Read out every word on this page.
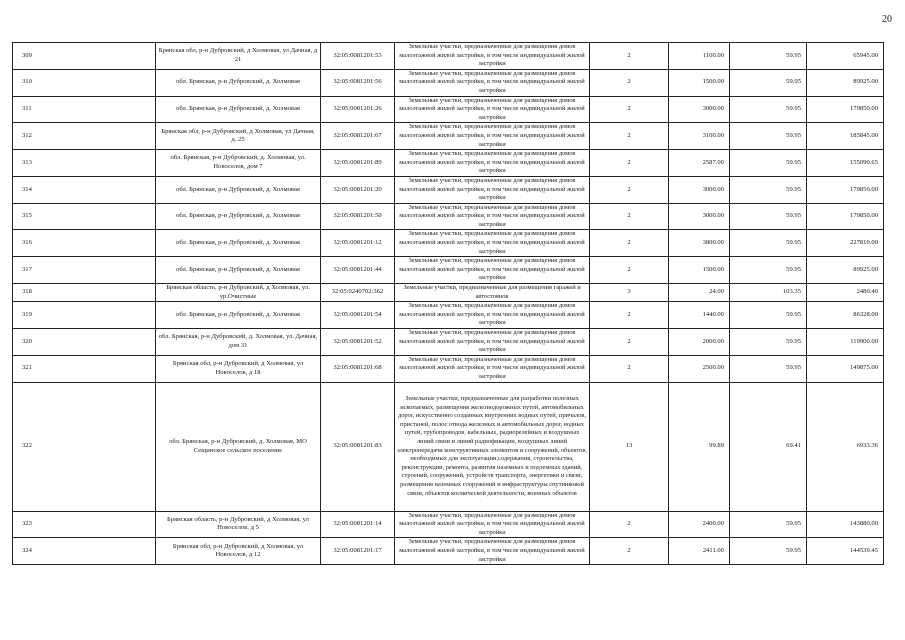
20
309	Брянская обл, р-н Дубровский, д Холмовая, ул Дачная, д 21	32:05:0081201:53	Земельные участки, предназначенные для размещения домов малоэтажной жилой застройки, в том числе индивидуальной жилой застройки	2	1100.00	59.95	65945.00
310	обл. Брянская, р-н Дубровский, д. Холмовая	32:05:0081201:56	Земельные участки, предназначенные для размещения домов малоэтажной жилой застройки, в том числе индивидуальной жилой застройки	2	1500.00	59.95	89925.00
311	обл. Брянская, р-н Дубровский, д. Холмовая	32:05:0081201:26	Земельные участки, предназначенные для размещения домов малоэтажной жилой застройки, в том числе индивидуальной жилой застройки	2	3000.00	59.95	179850.00
312	Брянская обл, р-н Дубровский, д Холмовая, ул Дачная, д. 25	32:05:0081201:67	Земельные участки, предназначенные для размещения домов малоэтажной жилой застройки, в том числе индивидуальной жилой застройки	2	3100.00	59.95	185845.00
313	обл. Брянская, р-н Дубровский, д. Холмовая, ул. Новоселов, дом 7	32:05:0081201:89	Земельные участки, предназначенные для размещения домов малоэтажной жилой застройки, в том числе индивидуальной жилой застройки	2	2587.00	59.95	155090.65
314	обл. Брянская, р-н Дубровский, д. Холмовая	32:05:0081201:20	Земельные участки, предназначенные для размещения домов малоэтажной жилой застройки, в том числе индивидуальной жилой застройки	2	3000.00	59.95	179850.00
315	обл. Брянская, р-н Дубровский, д. Холмовая	32:05:0081201:50	Земельные участки, предназначенные для размещения домов малоэтажной жилой застройки, в том числе индивидуальной жилой застройки	2	3000.00	59.95	179850.00
316	обл. Брянская, р-н Дубровский, д. Холмовая	32:05:0081201:12	Земельные участки, предназначенные для размещения домов малоэтажной жилой застройки, в том числе индивидуальной жилой застройки	2	3800.00	59.95	227810.00
317	обл. Брянская, р-н Дубровский, д. Холмовая	32:05:0081201:44	Земельные участки, предназначенные для размещения домов малоэтажной жилой застройки, в том числе индивидуальной жилой застройки	2	1500.00	59.95	89925.00
318	Брянская область, р-н Дубровский, д Холмовая, ул. ур.Очистные	32:05:0240702:362	Земельные участки, предназначенные для размещения гаражей и автостоянок	3	24.00	103.35	2480.40
319	обл. Брянская, р-н Дубровский, д. Холмовая	32:05:0081201:54	Земельные участки, предназначенные для размещения домов малоэтажной жилой застройки, в том числе индивидуальной жилой застройки	2	1440.00	59.95	86328.00
320	обл. Брянская, р-н Дубровский, д. Холмовая, ул. Дачная, дом 31	32:05:0081201:52	Земельные участки, предназначенные для размещения домов малоэтажной жилой застройки, в том числе индивидуальной жилой застройки	2	2000.00	59.95	119900.00
321	Брянская обл, р-н Дубровский, д Холмовая, ул Новоселов, д 18	32:05:0081201:68	Земельные участки, предназначенные для размещения домов малоэтажной жилой застройки, в том числе индивидуальной жилой застройки	2	2500.00	59.95	149875.00
322	обл. Брянская, р-н Дубровский, д. Холмовая, МО Сещинское сельское поселение	32:05:0081201:83	Земельные участки, предназначенные для разработки полезных ископаемых, размещения железнодорожных путей, автомобильных дорог, искусственно созданных внутренних водных путей, причалов, пристаней, полос отвода железных и автомобильных дорог, водных путей, трубопроводов, кабельных, радиорелейных и воздушных линий связи и линий радиофикации, воздушных линий электропередачи конструктивных элементов и сооружений, объектов, необходимых для эксплуатации,содержания, строительства, реконструкции, ремонта, развития наземных и подземных зданий, строений, сооружений, устройств транспорта, энергетики и связи; размещения наземных сооружений и инфраструктуры спутниковой связи, объектов космической деятельности, военных объектов	13	99.89	69.41	6933.36
323	Брянская область, р-н Дубровский, д Холмовая, ул Новоселов, д 5	32:05:0081201:14	Земельные участки, предназначенные для размещения домов малоэтажной жилой застройки, в том числе индивидуальной жилой застройки	2	2400.00	59.95	143880.00
324	Брянская обл, р-н Дубровский, д Холмовая, ул Новоселов, д 12	32:05:0081201:17	Земельные участки, предназначенные для размещения домов малоэтажной жилой застройки, в том числе индивидуальной жилой застройки	2	2411.00	59.95	144539.45
